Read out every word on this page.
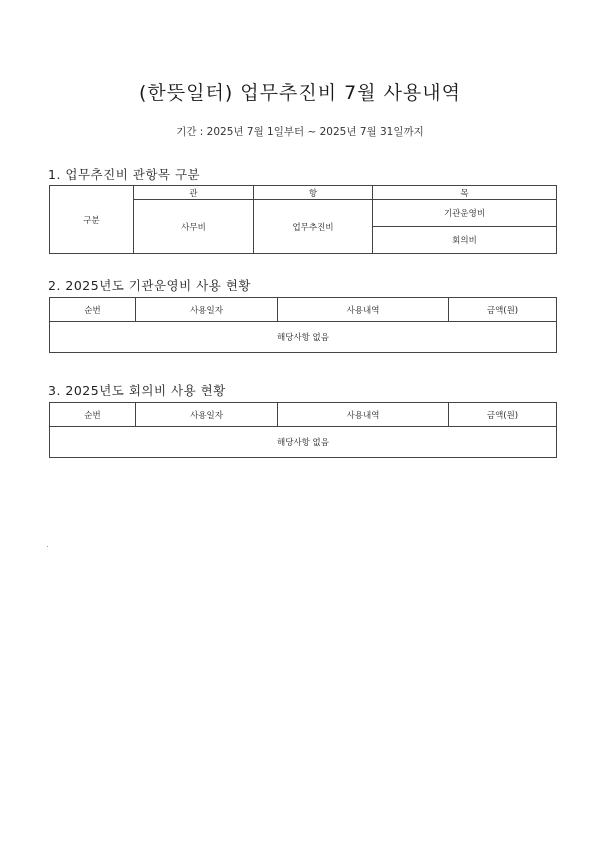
(한뜻일터) 업무추진비 7월 사용내역
기간 : 2025년 7월 1일부터 ~ 2025년 7월 31일까지
1. 업무추진비 관항목 구분
구분	관	항	목
	사무비	업무추진비	기관운영비
			회의비
2. 2025년도 기관운영비 사용 현황
순번	사용일자	사용내역	금액(원)
해당사항 없음
3. 2025년도 회의비 사용 현황
순번	사용일자	사용내역	금액(원)
해당사항 없음
